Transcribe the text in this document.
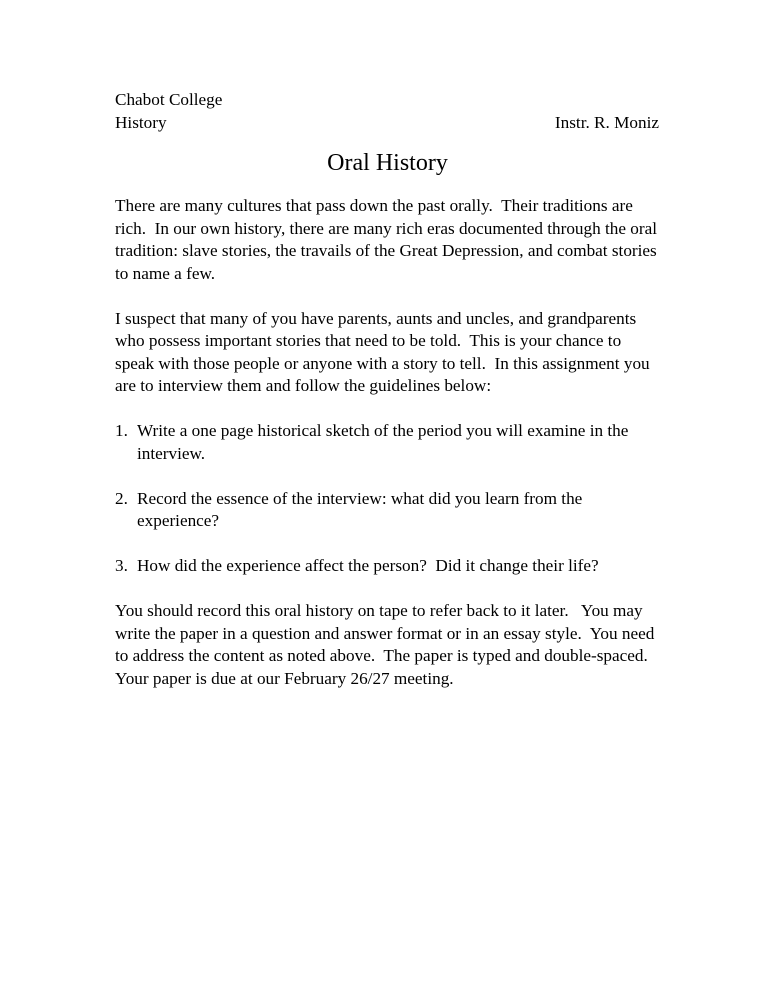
Chabot College
History	Instr. R. Moniz
Oral History

There are many cultures that pass down the past orally.  Their traditions are rich.  In our own history, there are many rich eras documented through the oral tradition: slave stories, the travails of the Great Depression, and combat stories to name a few.

I suspect that many of you have parents, aunts and uncles, and grandparents who possess important stories that need to be told.  This is your chance to speak with those people or anyone with a story to tell.  In this assignment you are to interview them and follow the guidelines below:

1. Write a one page historical sketch of the period you will examine in the interview.
2. Record the essence of the interview: what did you learn from the experience?
3. How did the experience affect the person?  Did it change their life?

You should record this oral history on tape to refer back to it later.   You may write the paper in a question and answer format or in an essay style.  You need to address the content as noted above.  The paper is typed and double-spaced.   Your paper is due at our February 26/27 meeting.
